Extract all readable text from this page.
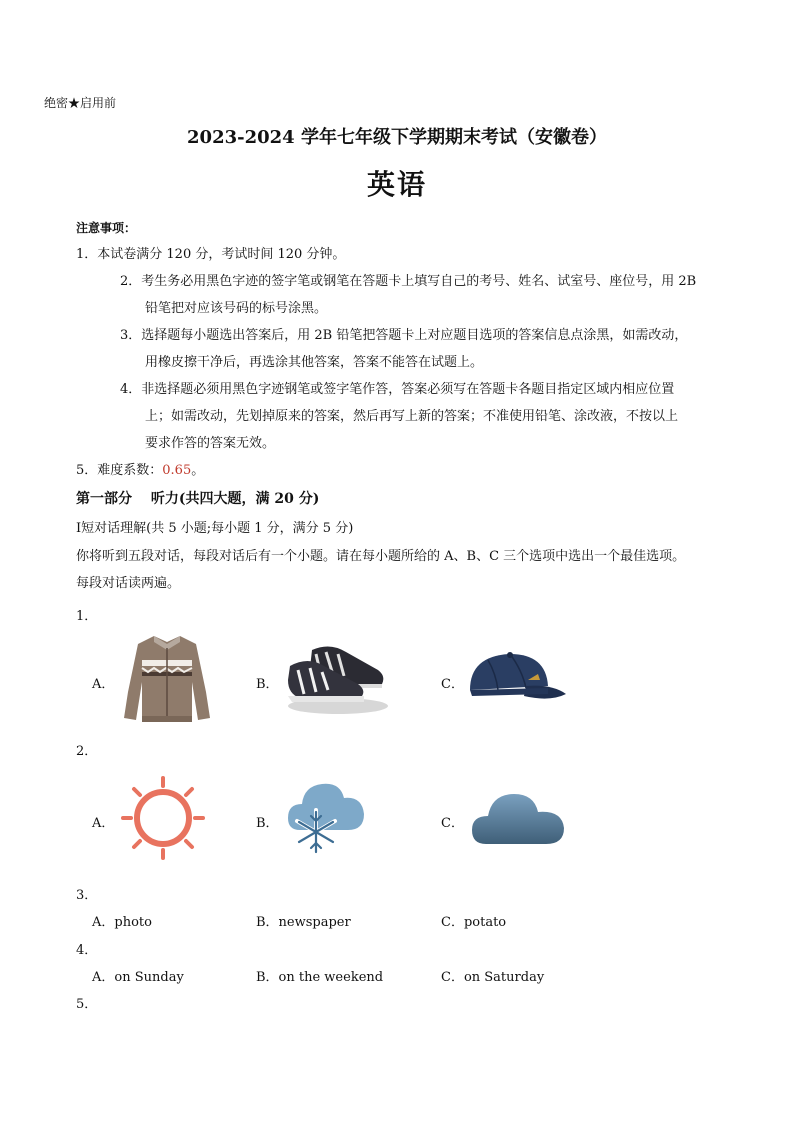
绝密★启用前
2023-2024 学年七年级下学期期末考试（安徽卷）
英语
注意事项：
1．本试卷满分 120 分，考试时间 120 分钟。
2．考生务必用黑色字迹的签字笔或钢笔在答题卡上填写自己的考号、姓名、试室号、座位号，用 2B
铅笔把对应该号码的标号涂黑。
3．选择题每小题选出答案后，用 2B 铅笔把答题卡上对应题目选项的答案信息点涂黑，如需改动，
用橡皮擦干净后，再选涂其他答案，答案不能答在试题上。
4．非选择题必须用黑色字迹钢笔或签字笔作答，答案必须写在答题卡各题目指定区域内相应位置
上；如需改动，先划掉原来的答案，然后再写上新的答案；不准使用铅笔、涂改液，不按以上
要求作答的答案无效。
5．难度系数：0.65。
第一部分　 听力(共四大题，满 20 分)
Ⅰ短对话理解(共 5 小题;每小题 1 分，满分 5 分)
你将听到五段对话，每段对话后有一个小题。请在每小题所给的 A、B、C 三个选项中选出一个最佳选项。
每段对话读两遍。
1．
A．	B．	C．
2．
A．	B．	C．
3．
A．photo	B．newspaper	C．potato
4．
A．on Sunday	B．on the weekend	C．on Saturday
5．
